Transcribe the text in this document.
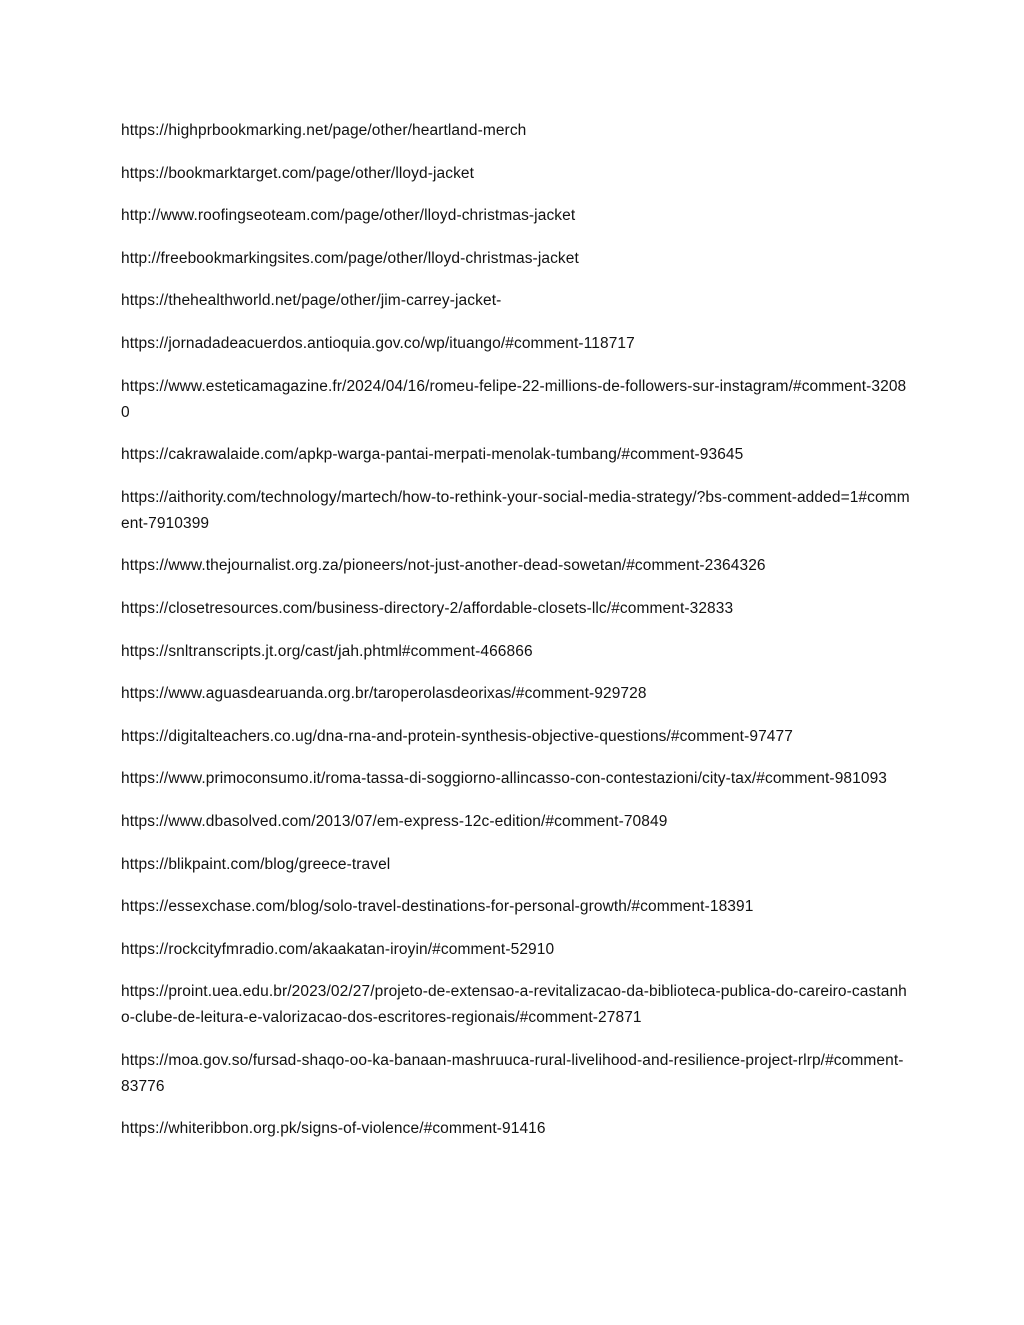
https://highprbookmarking.net/page/other/heartland-merch
https://bookmarktarget.com/page/other/lloyd-jacket
http://www.roofingseoteam.com/page/other/lloyd-christmas-jacket
http://freebookmarkingsites.com/page/other/lloyd-christmas-jacket
https://thehealthworld.net/page/other/jim-carrey-jacket-
https://jornadadeacuerdos.antioquia.gov.co/wp/ituango/#comment-118717
https://www.esteticamagazine.fr/2024/04/16/romeu-felipe-22-millions-de-followers-sur-instagram/#comment-32080
https://cakrawalaide.com/apkp-warga-pantai-merpati-menolak-tumbang/#comment-93645
https://aithority.com/technology/martech/how-to-rethink-your-social-media-strategy/?bs-comment-added=1#comment-7910399
https://www.thejournalist.org.za/pioneers/not-just-another-dead-sowetan/#comment-2364326
https://closetresources.com/business-directory-2/affordable-closets-llc/#comment-32833
https://snltranscripts.jt.org/cast/jah.phtml#comment-466866
https://www.aguasdearuanda.org.br/taroperolasdeorixas/#comment-929728
https://digitalteachers.co.ug/dna-rna-and-protein-synthesis-objective-questions/#comment-97477
https://www.primoconsumo.it/roma-tassa-di-soggiorno-allincasso-con-contestazioni/city-tax/#comment-981093
https://www.dbasolved.com/2013/07/em-express-12c-edition/#comment-70849
https://blikpaint.com/blog/greece-travel
https://essexchase.com/blog/solo-travel-destinations-for-personal-growth/#comment-18391
https://rockcityfmradio.com/akaakatan-iroyin/#comment-52910
https://proint.uea.edu.br/2023/02/27/projeto-de-extensao-a-revitalizacao-da-biblioteca-publica-do-careiro-castanho-clube-de-leitura-e-valorizacao-dos-escritores-regionais/#comment-27871
https://moa.gov.so/fursad-shaqo-oo-ka-banaan-mashruuca-rural-livelihood-and-resilience-project-rlrp/#comment-83776
https://whiteribbon.org.pk/signs-of-violence/#comment-91416
